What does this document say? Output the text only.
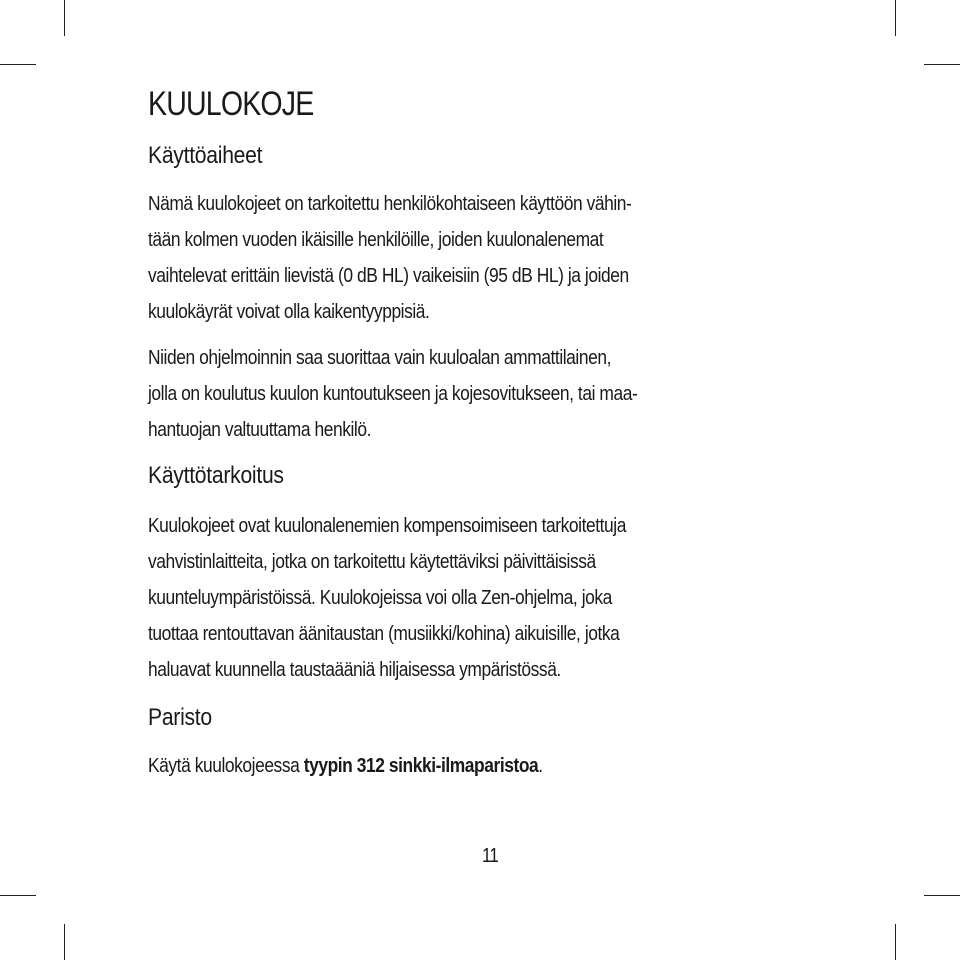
KUULOKOJE
Käyttöaiheet

Nämä kuulokojeet on tarkoitettu henkilökohtaiseen käyttöön vähin-
tään kolmen vuoden ikäisille henkilöille, joiden kuulonalenemat
vaihtelevat erittäin lievistä (0 dB HL) vaikeisiin (95 dB HL) ja joiden
kuulokäyrät voivat olla kaikentyyppisiä.

Niiden ohjelmoinnin saa suorittaa vain kuuloalan ammattilainen,
jolla on koulutus kuulon kuntoutukseen ja kojesovitukseen, tai maa-
hantuojan valtuuttama henkilö.

Käyttötarkoitus

Kuulokojeet ovat kuulonalenemien kompensoimiseen tarkoitettuja
vahvistinlaitteita, jotka on tarkoitettu käytettäviksi päivittäisissä
kuunteluympäristöissä. Kuulokojeissa voi olla Zen-ohjelma, joka
tuottaa rentouttavan äänitaustan (musiikki/kohina) aikuisille, jotka
haluavat kuunnella taustaääniä hiljaisessa ympäristössä.

Paristo

Käytä kuulokojeessa tyypin 312 sinkki-ilmaparistoa.

11
